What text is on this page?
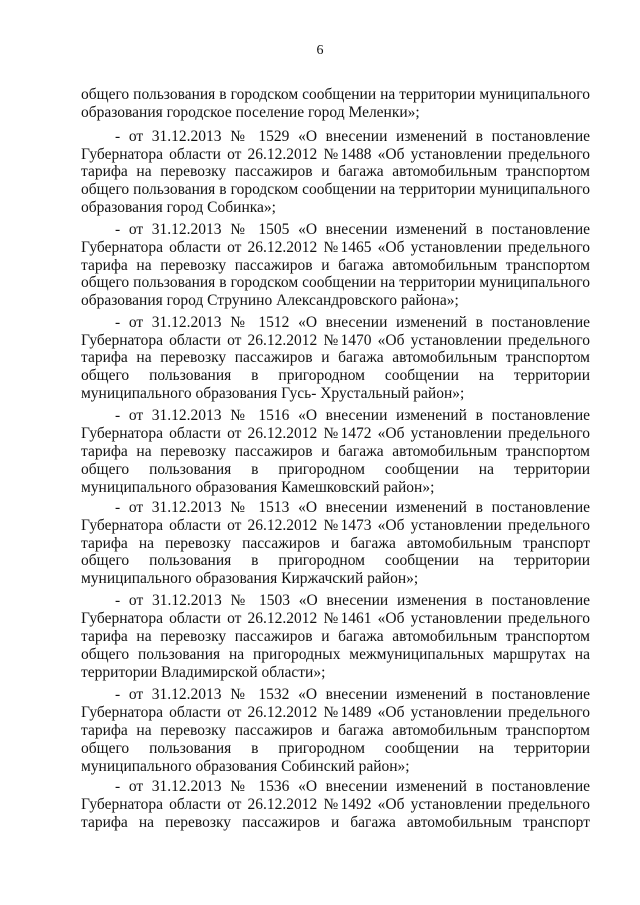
6
общего пользования в городском сообщении на территории муниципального
образования городское поселение город Меленки»;
- от 31.12.2013 № 1529 «О внесении изменений в постановление
Губернатора области от 26.12.2012 №1488 «Об установлении предельного
тарифа на перевозку пассажиров и багажа автомобильным транспортом
общего пользования в городском сообщении на территории муниципального
образования город Собинка»;
- от 31.12.2013 № 1505 «О внесении изменений в постановление
Губернатора области от 26.12.2012 №1465 «Об установлении предельного
тарифа на перевозку пассажиров и багажа автомобильным транспортом
общего пользования в городском сообщении на территории муниципального
образования город Струнино Александровского района»;
- от 31.12.2013 № 1512 «О внесении изменений в постановление
Губернатора области от 26.12.2012 №1470 «Об установлении предельного
тарифа на перевозку пассажиров и багажа автомобильным транспортом
общего пользования в пригородном сообщении на территории
муниципального образования Гусь- Хрустальный район»;
- от 31.12.2013 № 1516 «О внесении изменений в постановление
Губернатора области от 26.12.2012 №1472 «Об установлении предельного
тарифа на перевозку пассажиров и багажа автомобильным транспортом
общего пользования в пригородном сообщении на территории
муниципального образования Камешковский район»;
- от 31.12.2013 № 1513 «О внесении изменений в постановление
Губернатора области от 26.12.2012 №1473 «Об установлении предельного
тарифа на перевозку пассажиров и багажа автомобильным транспорт
общего пользования в пригородном сообщении на территории
муниципального образования Киржачский район»;
- от 31.12.2013 № 1503 «О внесении изменения в постановление
Губернатора области от 26.12.2012 №1461 «Об установлении предельного
тарифа на перевозку пассажиров и багажа автомобильным транспортом
общего пользования на пригородных межмуниципальных маршрутах на
территории Владимирской области»;
- от 31.12.2013 № 1532 «О внесении изменений в постановление
Губернатора области от 26.12.2012 №1489 «Об установлении предельного
тарифа на перевозку пассажиров и багажа автомобильным транспортом
общего пользования в пригородном сообщении на территории
муниципального образования Собинский район»;
- от 31.12.2013 № 1536 «О внесении изменений в постановление
Губернатора области от 26.12.2012 №1492 «Об установлении предельного
тарифа на перевозку пассажиров и багажа автомобильным транспорт
